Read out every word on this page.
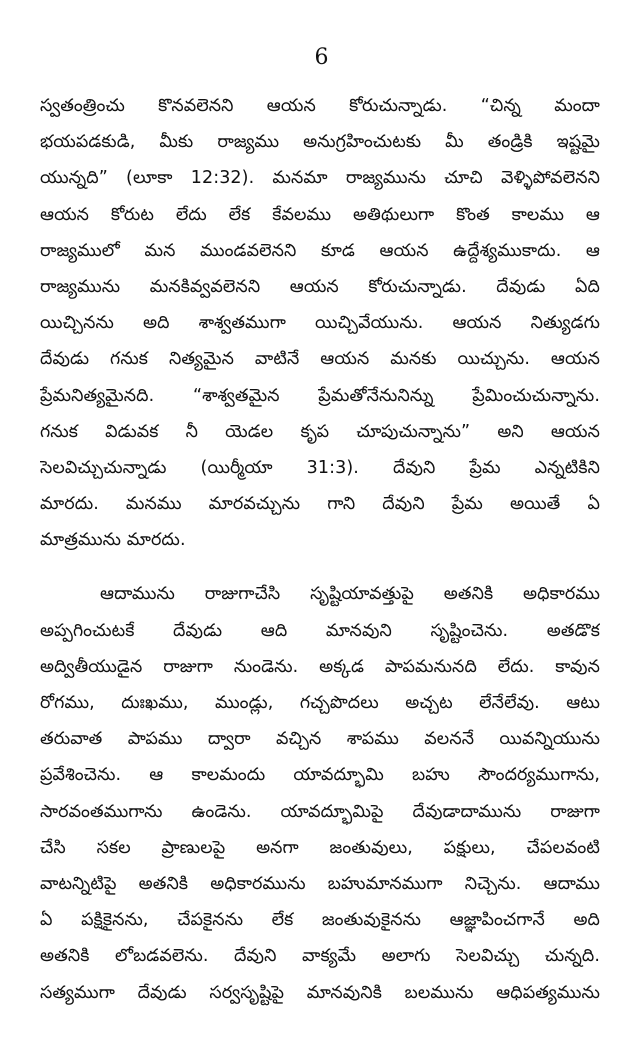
6
స్వతంత్రించు కొనవలెనని ఆయన కోరుచున్నాడు. “చిన్న మందా
భయపడకుడి, మీకు రాజ్యము అనుగ్రహించుటకు మీ తండ్రికి ఇష్టమై
యున్నది” (లూకా 12:32). మనమా రాజ్యమును చూచి వెళ్ళిపోవలెనని
ఆయన కోరుట లేదు లేక కేవలము అతిథులుగా కొంత కాలము ఆ
రాజ్యములో మన ముండవలెనని కూడ ఆయన ఉద్దేశ్యముకాదు. ఆ
రాజ్యమును మనకివ్వవలెనని ఆయన కోరుచున్నాడు. దేవుడు ఏది
యిచ్చినను అది శాశ్వతముగా యిచ్చివేయును. ఆయన నిత్యుడగు
దేవుడు గనుక నిత్యమైన వాటినే ఆయన మనకు యిచ్చును. ఆయన
ప్రేమనిత్యమైనది. “శాశ్వతమైన ప్రేమతోనేనునిన్ను ప్రేమించుచున్నాను.
గనుక విడువక నీ యెడల కృప చూపుచున్నాను” అని ఆయన
సెలవిచ్చుచున్నాడు (యిర్మీయా 31:3). దేవుని ప్రేమ ఎన్నటికిని
మారదు. మనము మారవచ్చును గాని దేవుని ప్రేమ అయితే ఏ
మాత్రమును మారదు.
ఆదామును రాజుగాచేసి సృష్టియావత్తుపై అతనికి అధికారము
అప్పగించుటకే దేవుడు ఆది మానవుని సృష్టించెను. అతడొక
అద్వితీయుడైన రాజుగా నుండెను. అక్కడ పాపమనునది లేదు. కావున
రోగము, దుఃఖము, ముండ్లు, గచ్చపొదలు అచ్చట లేనేలేవు. ఆటు
తరువాత పాపము ద్వారా వచ్చిన శాపము వలననే యివన్నియును
ప్రవేశించెను. ఆ కాలమందు యావద్భూమి బహు సౌందర్యముగాను,
సారవంతముగాను ఉండెను. యావద్భూమిపై దేవుడాదామును రాజుగా
చేసి సకల ప్రాణులపై అనగా జంతువులు, పక్షులు, చేపలవంటి
వాటన్నిటిపై అతనికి అధికారమును బహుమానముగా నిచ్చెను. ఆదాము
ఏ పక్షికైనను, చేపకైనను లేక జంతువుకైనను ఆజ్ఞాపించగానే అది
అతనికి లోబడవలెను. దేవుని వాక్యమే అలాగు సెలవిచ్చు చున్నది.
సత్యముగా దేవుడు సర్వసృష్టిపై మానవునికి బలమును ఆధిపత్యమును
